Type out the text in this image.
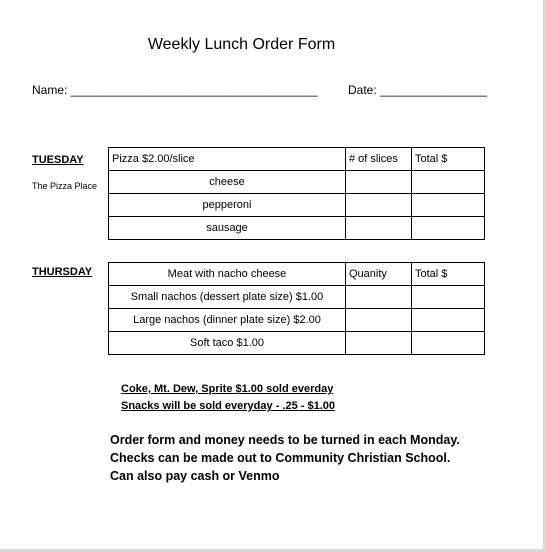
Weekly Lunch Order Form
Name: _____________________________________	Date: ________________
TUESDAY
The Pizza Place
Pizza $2.00/slice	# of slices	Total $
cheese		
pepperoni		
sausage		
THURSDAY	Meat with nacho cheese	Quanity	Total $
Small nachos (dessert plate size) $1.00		
Large nachos (dinner plate size) $2.00		
Soft taco $1.00		
Coke, Mt. Dew, Sprite $1.00 sold everday
Snacks will be sold everyday - .25 - $1.00
Order form and money needs to be turned in each Monday.
Checks can be made out to Community Christian School.
Can also pay cash or Venmo
